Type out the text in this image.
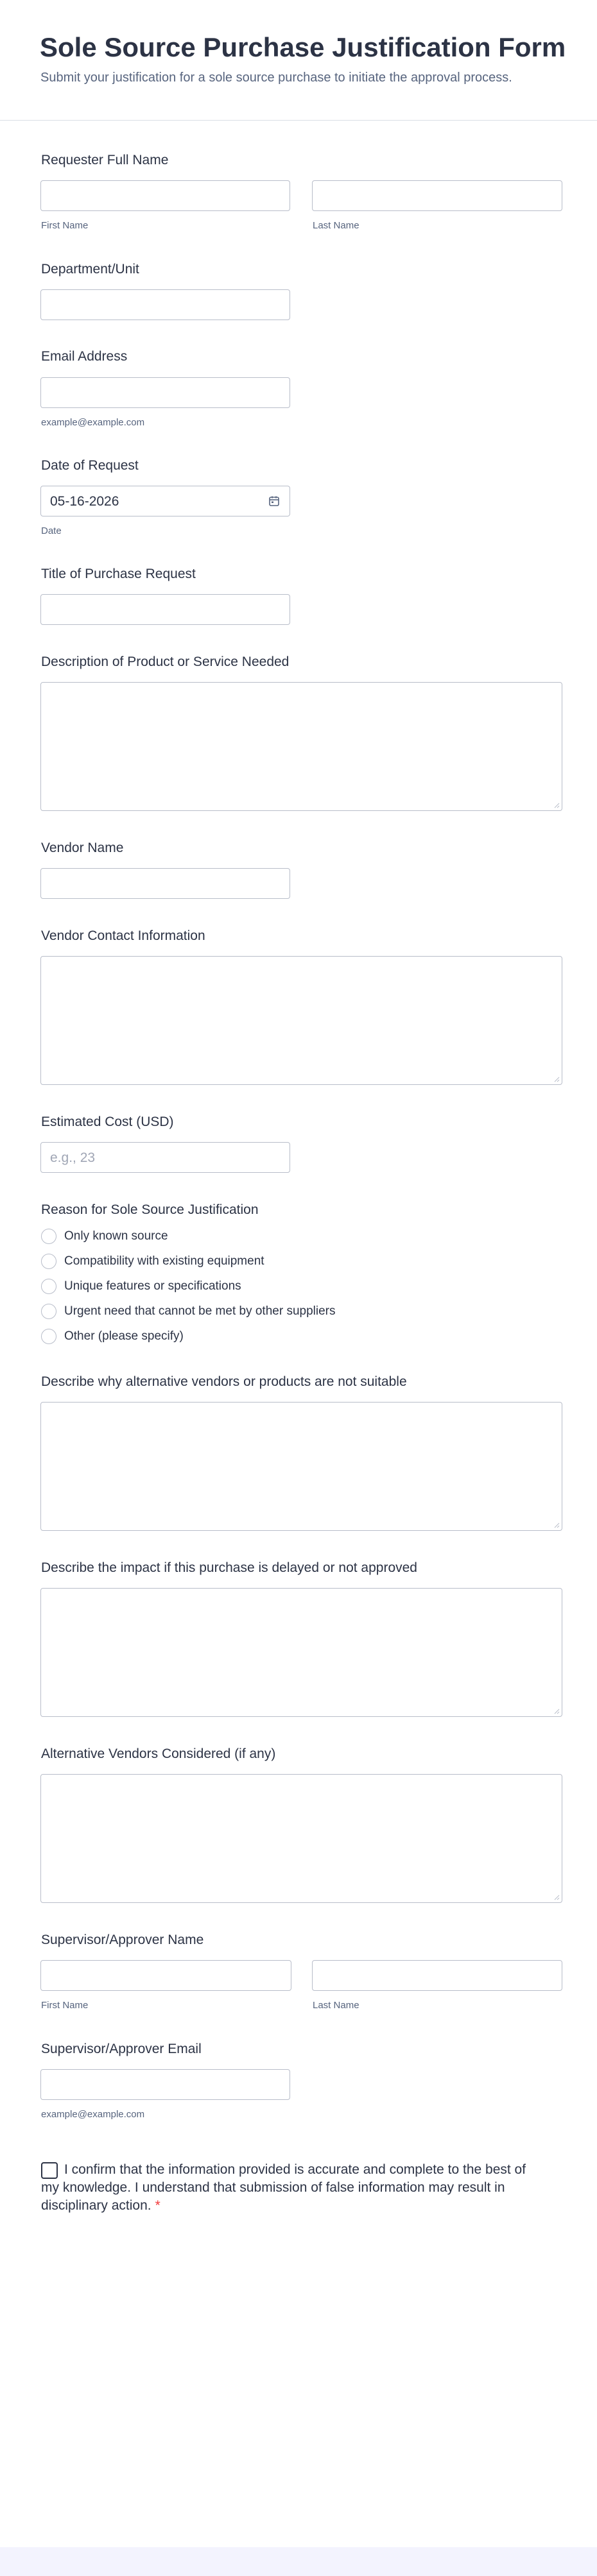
Sole Source Purchase Justification Form
Submit your justification for a sole source purchase to initiate the approval process.
Requester Full Name
First Name	Last Name
Department/Unit
Email Address
example@example.com
Date of Request
05-16-2026
Date
Title of Purchase Request
Description of Product or Service Needed
Vendor Name
Vendor Contact Information
Estimated Cost (USD)
e.g., 23
Reason for Sole Source Justification
Only known source
Compatibility with existing equipment
Unique features or specifications
Urgent need that cannot be met by other suppliers
Other (please specify)
Describe why alternative vendors or products are not suitable
Describe the impact if this purchase is delayed or not approved
Alternative Vendors Considered (if any)
Supervisor/Approver Name
First Name	Last Name
Supervisor/Approver Email
example@example.com
I confirm that the information provided is accurate and complete to the best of my knowledge. I understand that submission of false information may result in disciplinary action. *
